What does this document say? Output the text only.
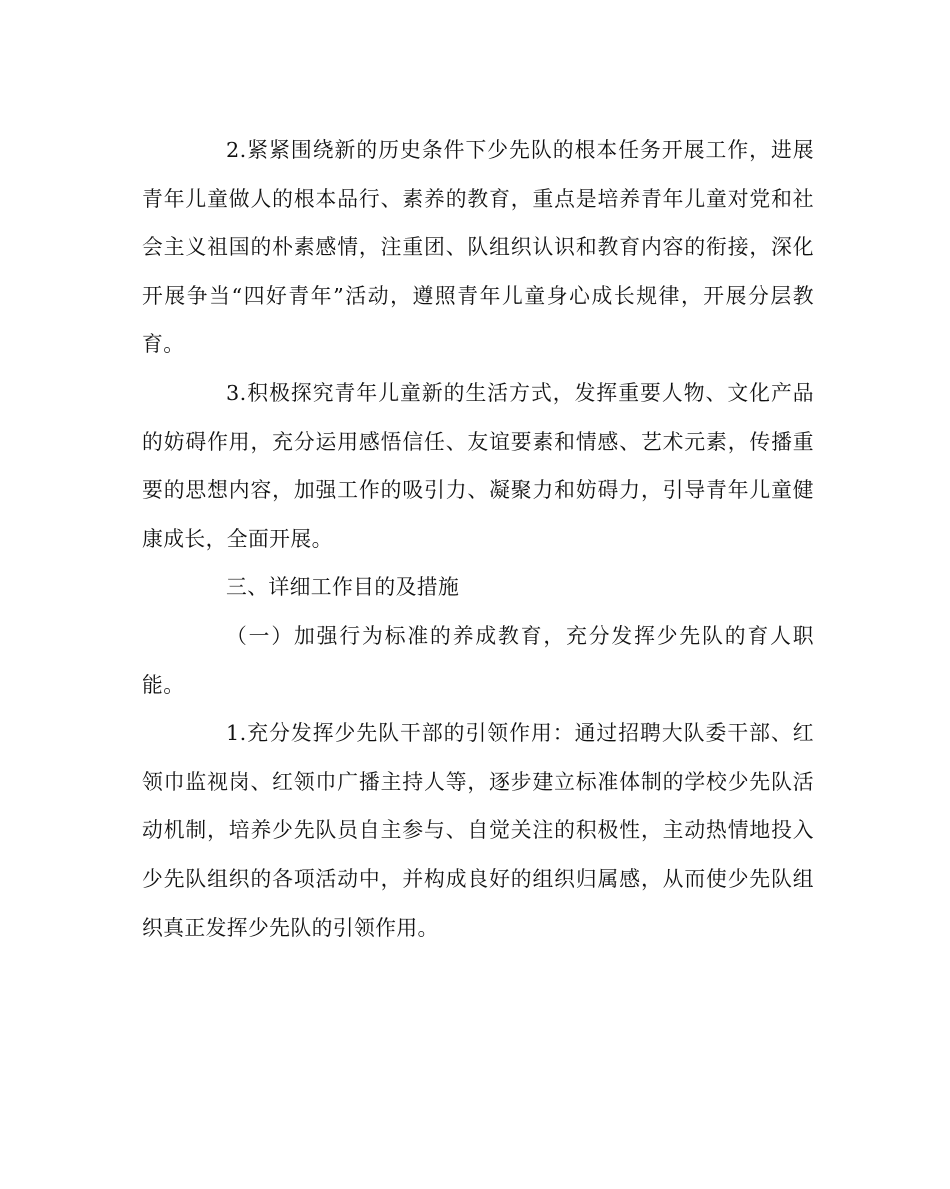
2.紧紧围绕新的历史条件下少先队的根本任务开展工作，进展青年儿童做人的根本品行、素养的教育，重点是培养青年儿童对党和社会主义祖国的朴素感情，注重团、队组织认识和教育内容的衔接，深化开展争当“四好青年”活动，遵照青年儿童身心成长规律，开展分层教育。

3.积极探究青年儿童新的生活方式，发挥重要人物、文化产品的妨碍作用，充分运用感悟信任、友谊要素和情感、艺术元素，传播重要的思想内容，加强工作的吸引力、凝聚力和妨碍力，引导青年儿童健康成长，全面开展。

三、详细工作目的及措施

（一）加强行为标准的养成教育，充分发挥少先队的育人职能。

1.充分发挥少先队干部的引领作用：通过招聘大队委干部、红领巾监视岗、红领巾广播主持人等，逐步建立标准体制的学校少先队活动机制，培养少先队员自主参与、自觉关注的积极性，主动热情地投入少先队组织的各项活动中，并构成良好的组织归属感，从而使少先队组织真正发挥少先队的引领作用。
